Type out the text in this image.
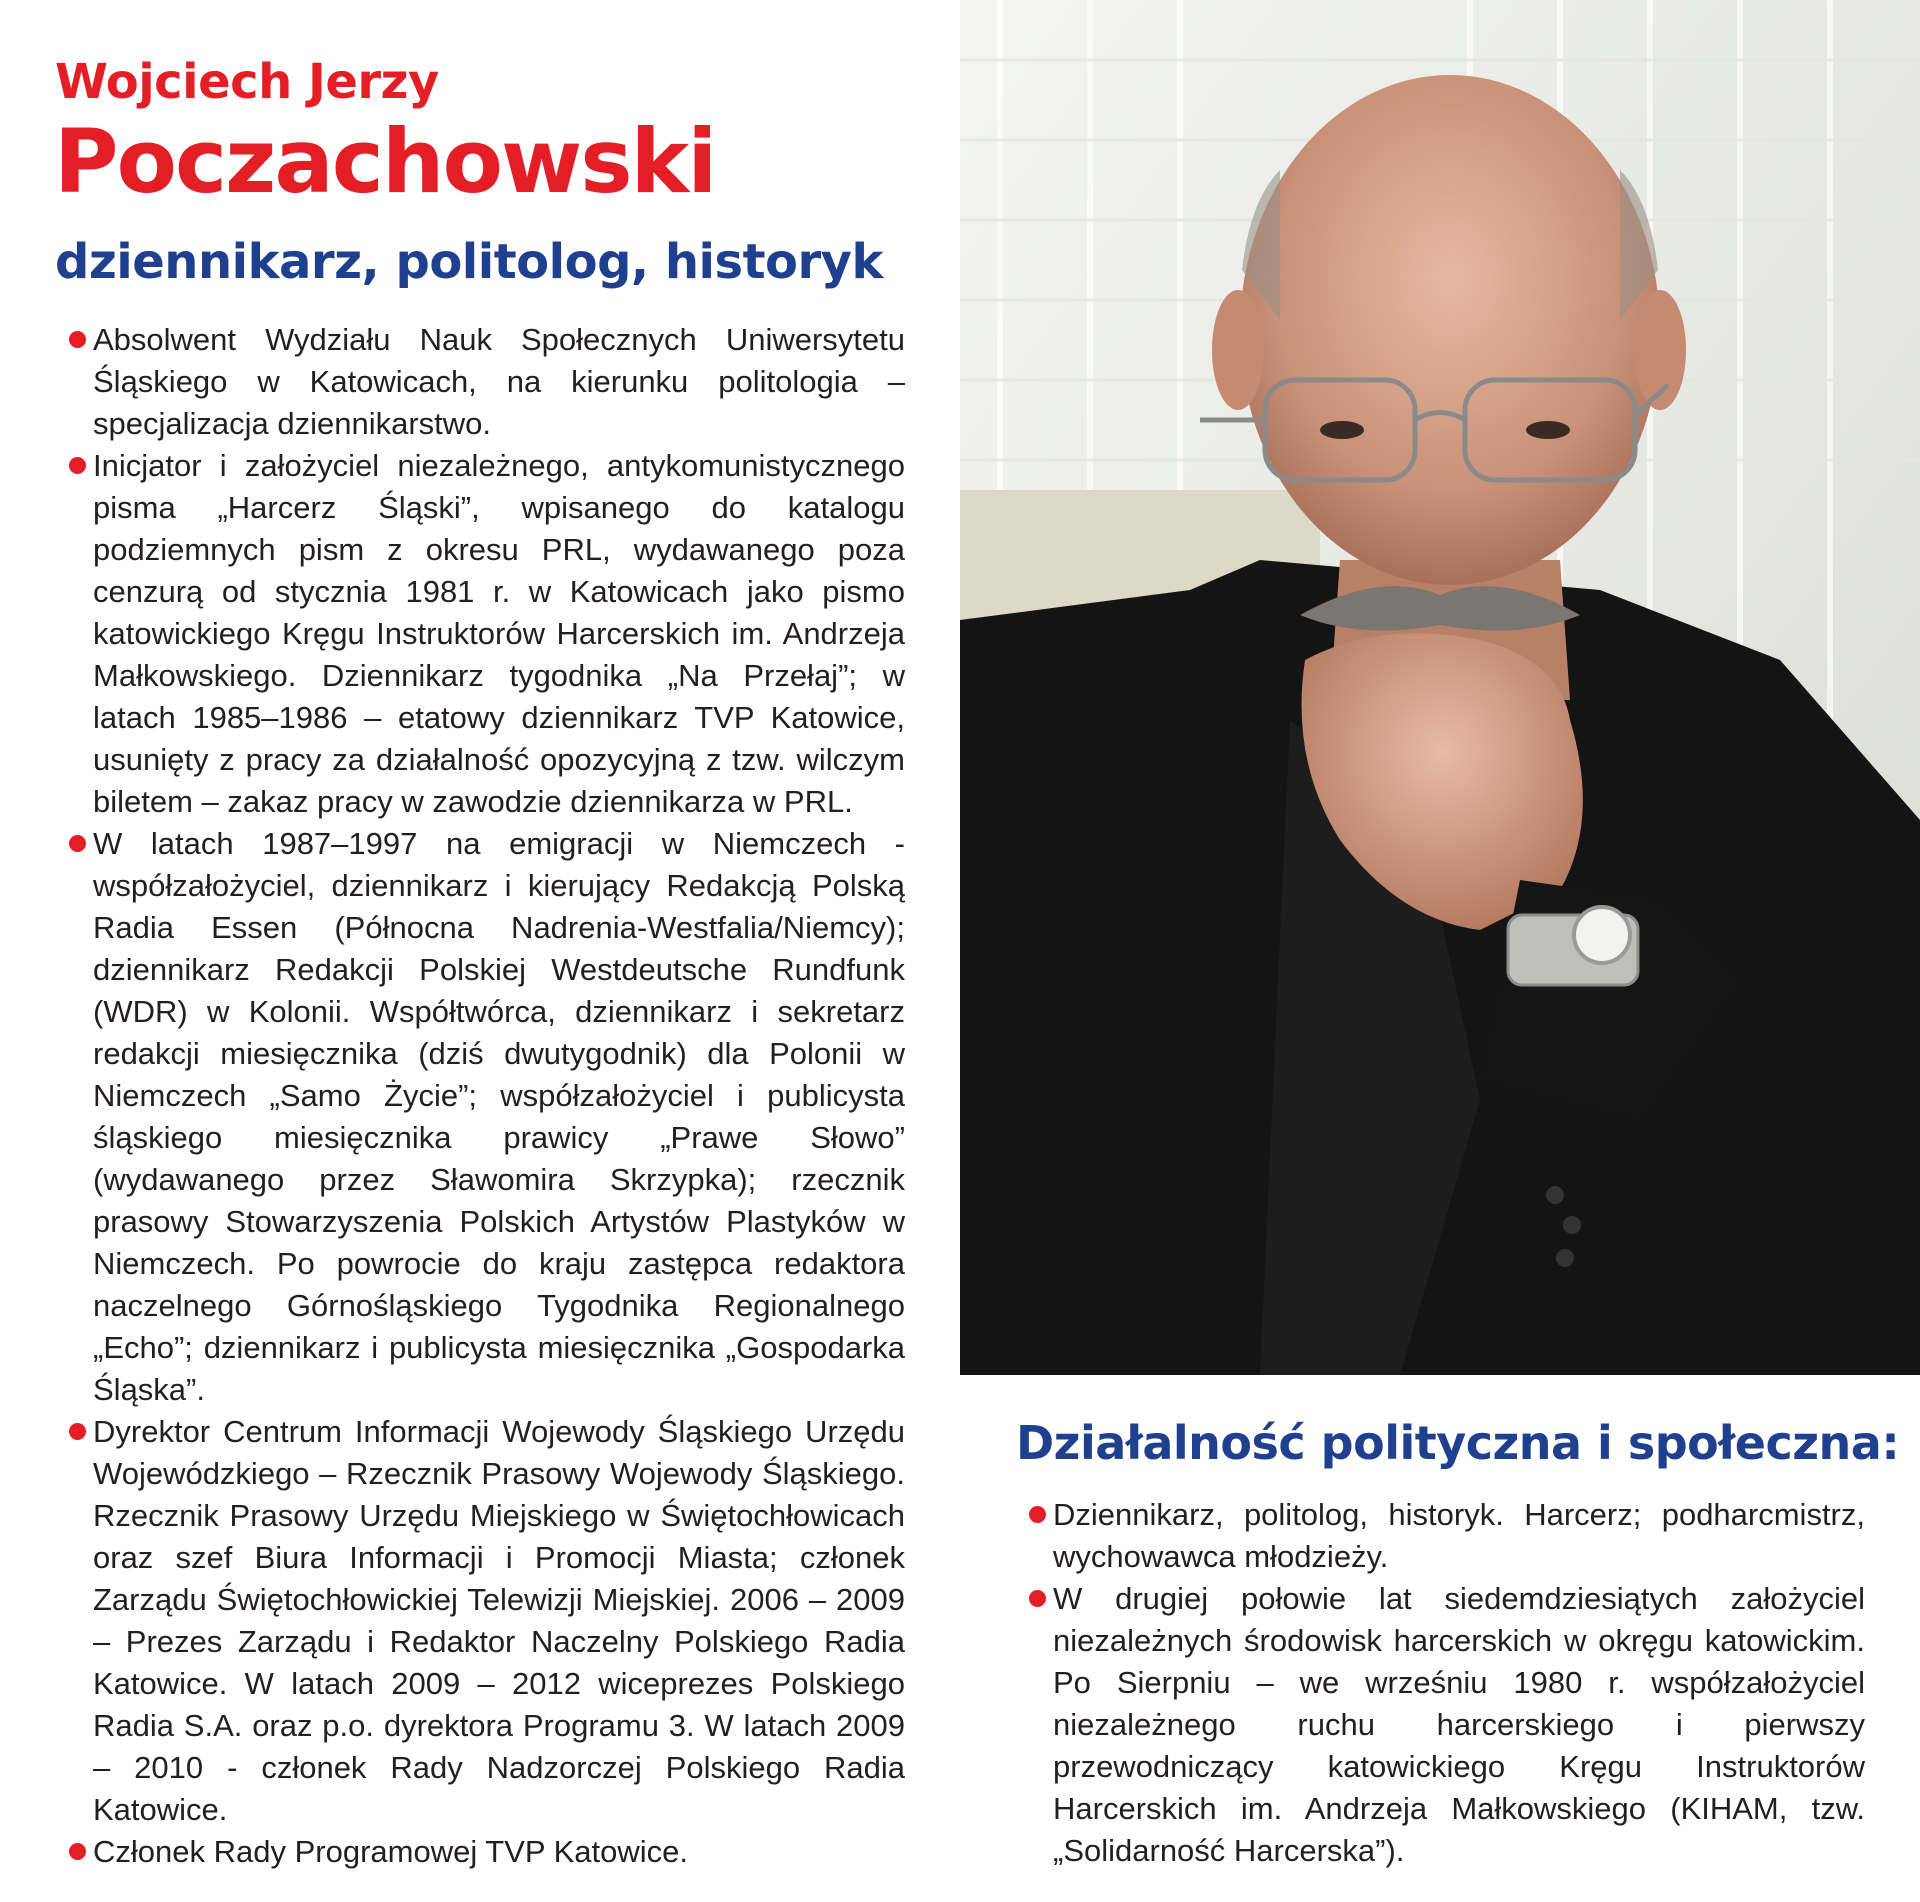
Wojciech Jerzy
Poczachowski
dziennikarz, politolog, historyk
Absolwent Wydziału Nauk Społecznych Uniwersytetu Śląskiego w Katowicach, na kierunku politologia – specjalizacja dziennikarstwo.
Inicjator i założyciel niezależnego, antykomunistycznego pisma „Harcerz Śląski”, wpisanego do katalogu podziemnych pism z okresu PRL, wydawanego poza cenzurą od stycznia 1981 r. w Katowicach jako pismo katowickiego Kręgu Instruktorów Harcerskich im. Andrzeja Małkowskiego. Dziennikarz tygodnika „Na Przełaj”; w latach 1985–1986 – etatowy dziennikarz TVP Katowice, usunięty z pracy za działalność opozycyjną z tzw. wilczym biletem – zakaz pracy w zawodzie dziennikarza w PRL.
W latach 1987–1997 na emigracji w Niemczech - współzałożyciel, dziennikarz i kierujący Redakcją Polską Radia Essen (Północna Nadrenia-Westfalia/Niemcy); dziennikarz Redakcji Polskiej Westdeutsche Rundfunk (WDR) w Kolonii. Współtwórca, dziennikarz i sekretarz redakcji miesięcznika (dziś dwutygodnik) dla Polonii w Niemczech „Samo Życie”; współzałożyciel i publicysta śląskiego miesięcznika prawicy „Prawe Słowo” (wydawanego przez Sławomira Skrzypka); rzecznik prasowy Stowarzyszenia Polskich Artystów Plastyków w Niemczech. Po powrocie do kraju zastępca redaktora naczelnego Górnośląskiego Tygodnika Regionalnego „Echo”; dziennikarz i publicysta miesięcznika „Gospodarka Śląska”.
Dyrektor Centrum Informacji Wojewody Śląskiego Urzędu Wojewódzkiego – Rzecznik Prasowy Wojewody Śląskiego. Rzecznik Prasowy Urzędu Miejskiego w Świętochłowicach oraz szef Biura Informacji i Promocji Miasta; członek Zarządu Świętochłowickiej Telewizji Miejskiej. 2006 – 2009 – Prezes Zarządu i Redaktor Naczelny Polskiego Radia Katowice. W latach 2009 – 2012 wiceprezes Polskiego Radia S.A. oraz p.o. dyrektora Programu 3. W latach 2009 – 2010 - członek Rady Nadzorczej Polskiego Radia Katowice.
Członek Rady Programowej TVP Katowice.
Działalność polityczna i społeczna:
Dziennikarz, politolog, historyk. Harcerz; podharcmistrz, wychowawca młodzieży.
W drugiej połowie lat siedemdziesiątych założyciel niezależnych środowisk harcerskich w okręgu katowickim. Po Sierpniu – we wrześniu 1980 r. współzałożyciel niezależnego ruchu harcerskiego i pierwszy przewodniczący katowickiego Kręgu Instruktorów Harcerskich im. Andrzeja Małkowskiego (KIHAM, tzw. „Solidarność Harcerska”).
